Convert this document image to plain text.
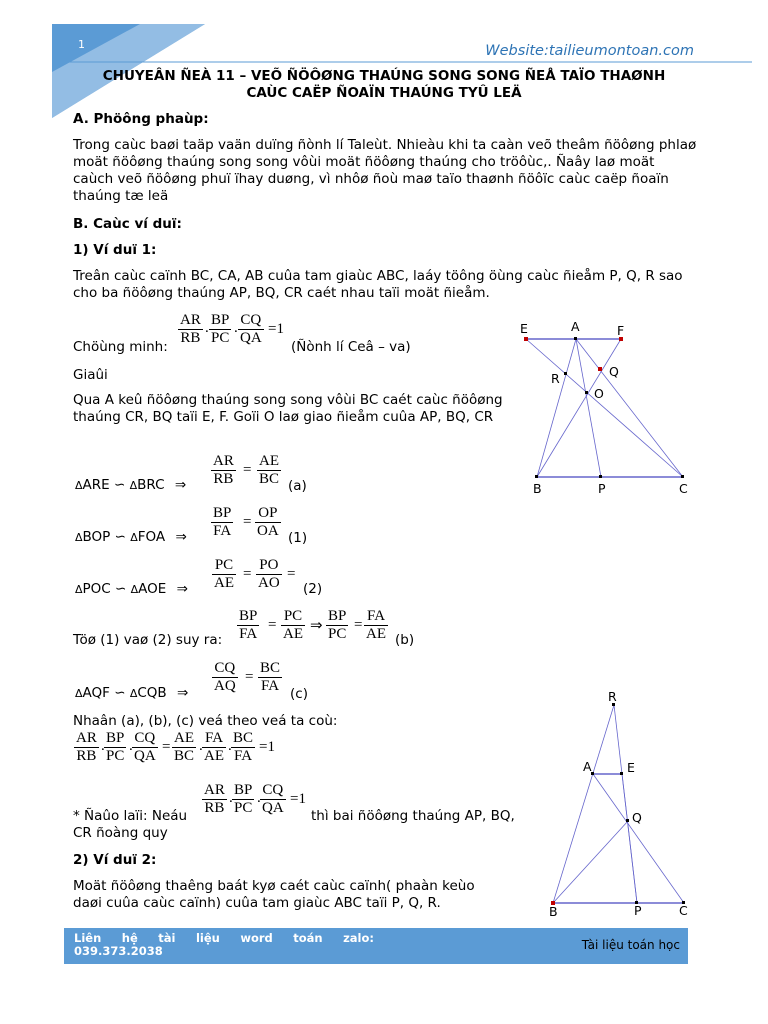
1	Website:tailieumontoan.com
CHUYEÂN ÑEÀ 11 – VEÕ ÑÖÔØNG THAÚNG SONG SONG ÑEÅ TAÏO THAØNH
CAÙC CAËP ÑOAÏN THAÚNG TYÛ LEÄ
A. Phöông phaùp:
Trong caùc baøi taäp vaän duïng ñònh lí Taleùt. Nhieàu khi ta caàn veõ theâm ñöôøng phlaø moät ñöôøng thaúng song song vôùi moät ñöôøng thaúng cho tröôùc,. Ñaây laø moät caùch veõ ñöôøng phuï ïhay duøng, vì nhôø ñoù maø taïo thaønh ñöôïc caùc caëp ñoaïn thaúng tæ leä
B. Caùc ví duï:
1) Ví duï 1:
Treân caùc caïnh BC, CA, AB cuûa tam giaùc ABC, laáy töông öùng caùc ñieåm P, Q, R sao cho ba ñöôøng thaúng AP, BQ, CR caét nhau taïi moät ñieåm.
Chöùng minh: $\frac{AR}{RB}$ . $\frac{BP}{PC}$ . $\frac{CQ}{QA} =1$
(Ñònh lí Ceâ – va)
Giaûi
Qua A keû ñöôøng thaúng song song vôùi BC caét caùc ñöôøng thaúng CR, BQ taïi E, F. Goïi O laø giao ñieåm cuûa AP, BQ, CR
ΔARE ∽ ΔBRC ⇒ $\frac{AR}{RB} = \frac{AE}{BC} (a)$
ΔBOP ∽ ΔFOA ⇒ $\frac{BP}{FA} = \frac{OP}{OA} (1)$
ΔPOC ∽ ΔAOE ⇒ $\frac{PC}{AE} = \frac{PO}{AO}$ =
(2)
Töø (1) vaø (2) suy ra: $\frac{BP}{FA} = \frac{PC}{AE}$ ⇒ $\frac{BP}{PC} = \frac{FA}{AE} (b)$
ΔAQF ∽ ΔCQB ⇒ $\frac{CQ}{AQ} = \frac{BC}{FA} (c)$
Nhaân (a), (b), (c) veá theo veá ta coù:
$\frac{AR}{RB}$ . $\frac{BP}{PC}$ . $\frac{CQ}{QA} = \frac{AE}{BC}$ . $\frac{FA}{AE}$ . $\frac{BC}{FA} =1$
$\frac{AR}{RB}$ . $\frac{BP}{PC}$ . $\frac{CQ}{QA} =1$
* Ñaûo laïi: Neáu	thì bai ñöôøng thaúng AP, BQ,
CR ñoàng quy
2) Ví duï 2:
Moät ñöôøng thaêng baát kyø caét caùc caïnh( phaàn keùo daøi cuûa caùc caïnh) cuûa tam giaùc ABC taïi P, Q, R.
E	A	F
R	Q
O
B	P	C
R
A	E
Q
B	P	C
Liên hệ tài liệu word toán zalo: 039.373.2038	Tài liệu toán học
